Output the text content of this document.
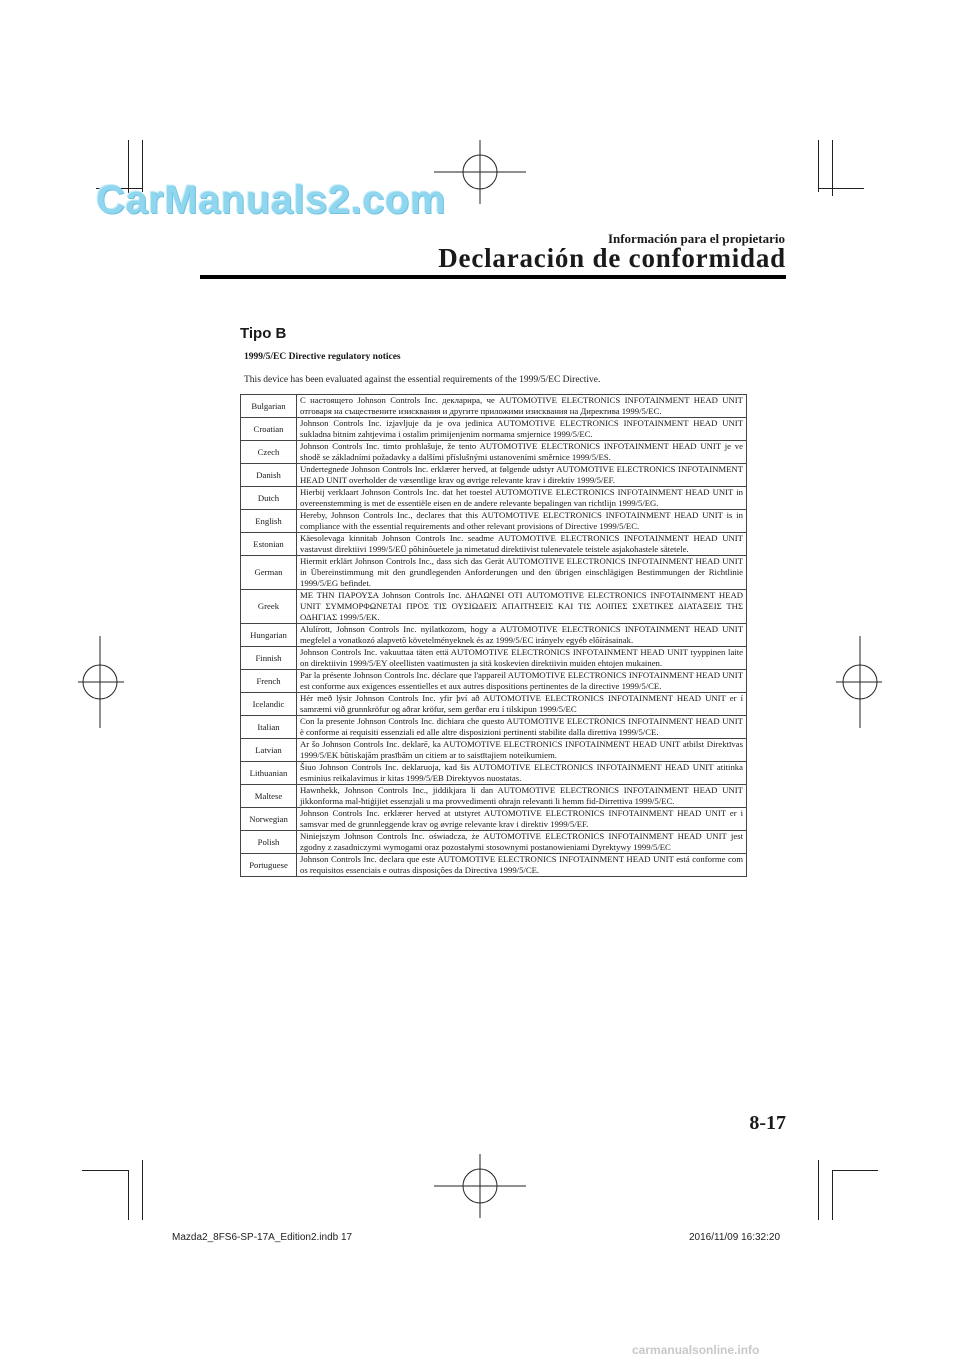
CarManuals2.com
Información para el propietario
Declaración de conformidad
Tipo B
1999/5/EC Directive regulatory notices
This device has been evaluated against the essential requirements of the 1999/5/EC Directive.
Bulgarian	С настоящето Johnson Controls Inc. декларира, че AUTOMOTIVE ELECTRONICS INFOTAINMENT HEAD UNIT отговаря на съществените изисквания и другите приложими изисквания на Директива 1999/5/EC.
Croatian	Johnson Controls Inc. izjavljuje da je ova jedinica AUTOMOTIVE ELECTRONICS INFOTAINMENT HEAD UNIT sukladna bitnim zahtjevima i ostalim primijenjenim normama smjernice 1999/5/EC.
Czech	Johnson Controls Inc. timto prohlašuje, že tento AUTOMOTIVE ELECTRONICS INFOTAINMENT HEAD UNIT je ve shodě se základními požadavky a dalšími příslušnými ustanoveními směrnice 1999/5/ES.
Danish	Undertegnede Johnson Controls Inc. erklærer herved, at følgende udstyr AUTOMOTIVE ELECTRONICS INFOTAINMENT HEAD UNIT overholder de væsentlige krav og øvrige relevante krav i direktiv 1999/5/EF.
Dutch	Hierbij verklaart Johnson Controls Inc. dat het toestel AUTOMOTIVE ELECTRONICS INFOTAINMENT HEAD UNIT in overeenstemming is met de essentiële eisen en de andere relevante bepalingen van richtlijn 1999/5/EG.
English	Hereby, Johnson Controls Inc., declares that this AUTOMOTIVE ELECTRONICS INFOTAINMENT HEAD UNIT is in compliance with the essential requirements and other relevant provisions of Directive 1999/5/EC.
Estonian	Käesolevaga kinnitab Johnson Controls Inc. seadme AUTOMOTIVE ELECTRONICS INFOTAINMENT HEAD UNIT vastavust direktiivi 1999/5/EÜ põhinõuetele ja nimetatud direktiivist tulenevatele teistele asjakohastele sätetele.
German	Hiermit erklärt Johnson Controls Inc., dass sich das Gerät AUTOMOTIVE ELECTRONICS INFOTAINMENT HEAD UNIT in Übereinstimmung mit den grundlegenden Anforderungen und den übrigen einschlägigen Bestimmungen der Richtlinie 1999/5/EG befindet.
Greek	ΜΕ ΤΗΝ ΠΑΡΟΥΣΑ Johnson Controls Inc. ΔΗΛΩΝΕΙ ΟΤΙ AUTOMOTIVE ELECTRONICS INFOTAINMENT HEAD UNIT ΣΥΜΜΟΡΦΩΝΕΤΑΙ ΠΡΟΣ ΤΙΣ ΟΥΣΙΩΔΕΙΣ ΑΠΑΙΤΗΣΕΙΣ ΚΑΙ ΤΙΣ ΛΟΙΠΕΣ ΣΧΕΤΙΚΕΣ ΔΙΑΤΑΞΕΙΣ ΤΗΣ ΟΔΗΓΙΑΣ 1999/5/ΕΚ.
Hungarian	Alulírott, Johnson Controls Inc. nyilatkozom, hogy a AUTOMOTIVE ELECTRONICS INFOTAINMENT HEAD UNIT megfelel a vonatkozó alapvetõ követelményeknek és az 1999/5/EC irányelv egyéb elõírásainak.
Finnish	Johnson Controls Inc. vakuuttaa täten että AUTOMOTIVE ELECTRONICS INFOTAINMENT HEAD UNIT tyyppinen laite on direktiivin 1999/5/EY oleellisten vaatimusten ja sitä koskevien direktiivin muiden ehtojen mukainen.
French	Par la présente Johnson Controls Inc. déclare que l'appareil AUTOMOTIVE ELECTRONICS INFOTAINMENT HEAD UNIT est conforme aux exigences essentielles et aux autres dispositions pertinentes de la directive 1999/5/CE.
Icelandic	Hér með lýsir Johnson Controls Inc. yfir því að AUTOMOTIVE ELECTRONICS INFOTAINMENT HEAD UNIT er í samræmi við grunnkröfur og aðrar kröfur, sem gerðar eru í tilskipun 1999/5/EC
Italian	Con la presente Johnson Controls Inc. dichiara che questo AUTOMOTIVE ELECTRONICS INFOTAINMENT HEAD UNIT è conforme ai requisiti essenziali ed alle altre disposizioni pertinenti stabilite dalla direttiva 1999/5/CE.
Latvian	Ar šo Johnson Controls Inc. deklarē, ka AUTOMOTIVE ELECTRONICS INFOTAINMENT HEAD UNIT atbilst Direktīvas 1999/5/EK būtiskajām prasībām un citiem ar to saistītajiem noteikumiem.
Lithuanian	Šiuo Johnson Controls Inc. deklaruoja, kad šis AUTOMOTIVE ELECTRONICS INFOTAINMENT HEAD UNIT atitinka esminius reikalavimus ir kitas 1999/5/EB Direktyvos nuostatas.
Maltese	Hawnhekk, Johnson Controls Inc., jiddikjara li dan AUTOMOTIVE ELECTRONICS INFOTAINMENT HEAD UNIT jikkonforma mal-ħtiġijiet essenzjali u ma provvedimenti oħrajn relevanti li hemm fid-Dirrettiva 1999/5/EC.
Norwegian	Johnson Controls Inc. erklærer herved at utstyret AUTOMOTIVE ELECTRONICS INFOTAINMENT HEAD UNIT er i samsvar med de grunnleggende krav og øvrige relevante krav i direktiv 1999/5/EF.
Polish	Niniejszym Johnson Controls Inc. oświadcza, że AUTOMOTIVE ELECTRONICS INFOTAINMENT HEAD UNIT jest zgodny z zasadniczymi wymogami oraz pozostałymi stosownymi postanowieniami Dyrektywy 1999/5/EC
Portuguese	Johnson Controls Inc. declara que este AUTOMOTIVE ELECTRONICS INFOTAINMENT HEAD UNIT está conforme com os requisitos essenciais e outras disposições da Directiva 1999/5/CE.
8-17
Mazda2_8FS6-SP-17A_Edition2.indb 17	2016/11/09 16:32:20
carmanualsonline.info
